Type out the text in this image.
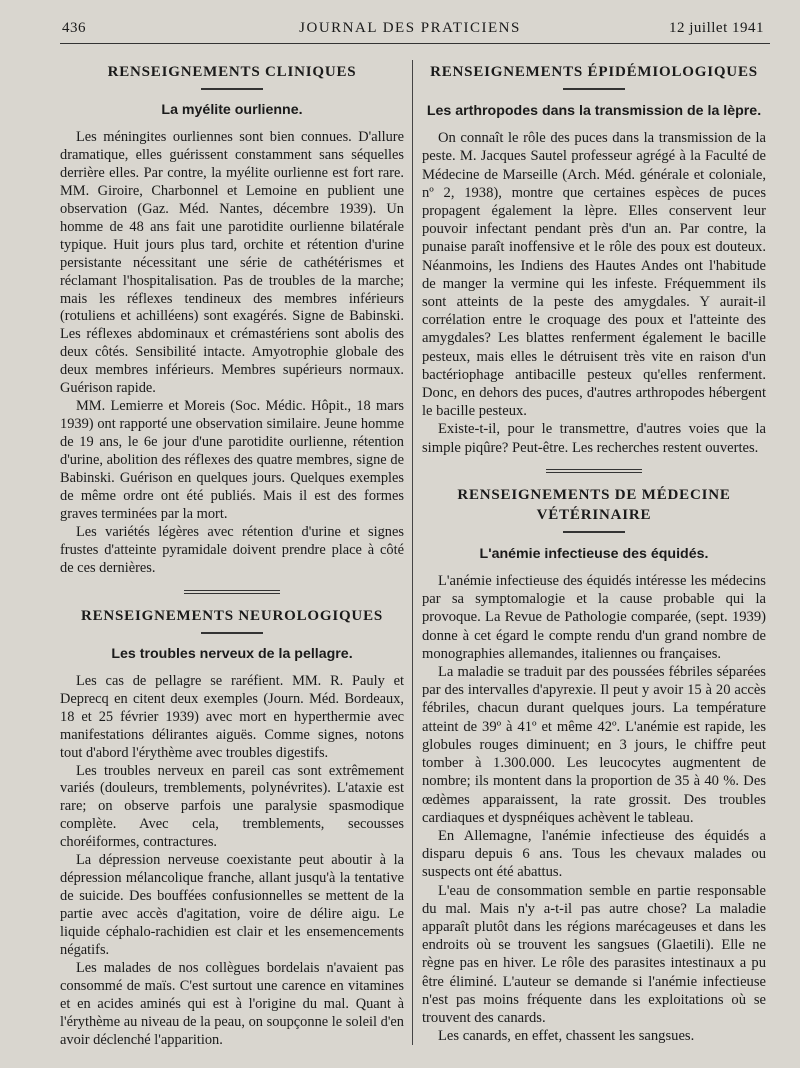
436	JOURNAL DES PRATICIENS	12 juillet 1941
RENSEIGNEMENTS CLINIQUES
La myélite ourlienne.

Les méningites ourliennes sont bien connues. D'allure dramatique, elles guérissent constamment sans séquelles derrière elles. Par contre, la myélite ourlienne est fort rare. MM. Giroire, Charbonnel et Lemoine en publient une observation (Gaz. Méd. Nantes, décembre 1939). Un homme de 48 ans fait une parotidite ourlienne bilatérale typique. Huit jours plus tard, orchite et rétention d'urine persistante nécessitant une série de cathétérismes et réclamant l'hospitalisation. Pas de troubles de la marche; mais les réflexes tendineux des membres inférieurs (rotuliens et achilléens) sont exagérés. Signe de Babinski. Les réflexes abdominaux et crémastériens sont abolis des deux côtés. Sensibilité intacte. Amyotrophie globale des deux membres inférieurs. Membres supérieurs normaux. Guérison rapide.

MM. Lemierre et Moreis (Soc. Médic. Hôpit., 18 mars 1939) ont rapporté une observation similaire. Jeune homme de 19 ans, le 6e jour d'une parotidite ourlienne, rétention d'urine, abolition des réflexes des quatre membres, signe de Babinski. Guérison en quelques jours. Quelques exemples de même ordre ont été publiés. Mais il est des formes graves terminées par la mort.

Les variétés légères avec rétention d'urine et signes frustes d'atteinte pyramidale doivent prendre place à côté de ces dernières.

RENSEIGNEMENTS NEUROLOGIQUES
Les troubles nerveux de la pellagre.

Les cas de pellagre se raréfient. MM. R. Pauly et Deprecq en citent deux exemples (Journ. Méd. Bordeaux, 18 et 25 février 1939) avec mort en hyperthermie avec manifestations délirantes aiguës. Comme signes, notons tout d'abord l'érythème avec troubles digestifs.

Les troubles nerveux en pareil cas sont extrêmement variés (douleurs, tremblements, polynévrites). L'ataxie est rare; on observe parfois une paralysie spasmodique complète. Avec cela, tremblements, secousses choréiformes, contractures.

La dépression nerveuse coexistante peut aboutir à la dépression mélancolique franche, allant jusqu'à la tentative de suicide. Des bouffées confusionnelles se mettent de la partie avec accès d'agitation, voire de délire aigu. Le liquide céphalo-rachidien est clair et les ensemencements négatifs.

Les malades de nos collègues bordelais n'avaient pas consommé de maïs. C'est surtout une carence en vitamines et en acides aminés qui est à l'origine du mal. Quant à l'érythème au niveau de la peau, on soupçonne le soleil d'en avoir déclenché l'apparition.

RENSEIGNEMENTS ÉPIDÉMIOLOGIQUES
Les arthropodes dans la transmission de la lèpre.

On connaît le rôle des puces dans la transmission de la peste. M. Jacques Sautel professeur agrégé à la Faculté de Médecine de Marseille (Arch. Méd. générale et coloniale, nº 2, 1938), montre que certaines espèces de puces propagent également la lèpre. Elles conservent leur pouvoir infectant pendant près d'un an. Par contre, la punaise paraît inoffensive et le rôle des poux est douteux. Néanmoins, les Indiens des Hautes Andes ont l'habitude de manger la vermine qui les infeste. Fréquemment ils sont atteints de la peste des amygdales. Y aurait-il corrélation entre le croquage des poux et l'atteinte des amygdales? Les blattes renferment également le bacille pesteux, mais elles le détruisent très vite en raison d'un bactériophage antibacille pesteux qu'elles renferment. Donc, en dehors des puces, d'autres arthropodes hébergent le bacille pesteux.

Existe-t-il, pour le transmettre, d'autres voies que la simple piqûre? Peut-être. Les recherches restent ouvertes.

RENSEIGNEMENTS DE MÉDECINE
VÉTÉRINAIRE
L'anémie infectieuse des équidés.

L'anémie infectieuse des équidés intéresse les médecins par sa symptomalogie et la cause probable qui la provoque. La Revue de Pathologie comparée, (sept. 1939) donne à cet égard le compte rendu d'un grand nombre de monographies allemandes, italiennes ou françaises.

La maladie se traduit par des poussées fébriles séparées par des intervalles d'apyrexie. Il peut y avoir 15 à 20 accès fébriles, chacun durant quelques jours. La température atteint de 39º à 41º et même 42º. L'anémie est rapide, les globules rouges diminuent; en 3 jours, le chiffre peut tomber à 1.300.000. Les leucocytes augmentent de nombre; ils montent dans la proportion de 35 à 40 %. Des œdèmes apparaissent, la rate grossit. Des troubles cardiaques et dyspnéiques achèvent le tableau.

En Allemagne, l'anémie infectieuse des équidés a disparu depuis 6 ans. Tous les chevaux malades ou suspects ont été abattus.

L'eau de consommation semble en partie responsable du mal. Mais n'y a-t-il pas autre chose? La maladie apparaît plutôt dans les régions marécageuses et dans les endroits où se trouvent les sangsues (Glaetili). Elle ne règne pas en hiver. Le rôle des parasites intestinaux a pu être éliminé. L'auteur se demande si l'anémie infectieuse n'est pas moins fréquente dans les exploitations où se trouvent des canards.

Les canards, en effet, chassent les sangsues.
